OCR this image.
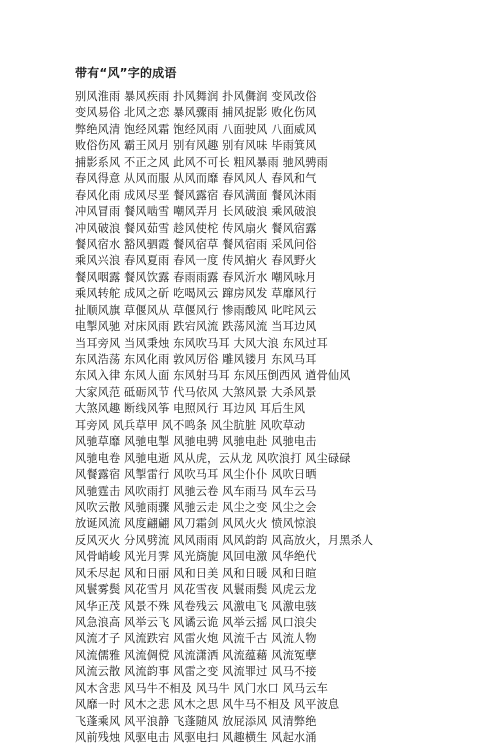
带有“风”字的成语
别风淮雨 暴风疾雨 扑风舞润 扑风儛润 变风改俗
变风易俗 北风之恋 暴风骤雨 捕风捉影 败化伤风
弊绝风清 饱经风霜 饱经风雨 八面驶风 八面威风
败俗伤风 霸王风月 别有风趣 别有风味 毕雨箕风
捕影系风 不正之风 此风不可长 粗风暴雨 驰风骋雨
春风得意 从风而服 从风而靡 春风风人 春风和气
春风化雨 成风尽垩 餐风露宿 春风满面 餐风沐雨
冲风冒雨 餐风啮雪 嘲风弄月 长风破浪 乘风破浪
冲风破浪 餐风茹雪 趁风使柁 传风扇火 餐风宿露
餐风宿水 豁风驷霞 餐风宿草 餐风宿雨 采风问俗
乘风兴浪 春风夏雨 春风一度 传风掮火 春风野火
餐风咽露 餐风饮露 春雨雨露 春风沂水 嘲风咏月
乘风转舵 成风之斫 吃喝风云 蹿房风发 草靡风行
扯顺风旗 草偃风从 草偃风行 惨雨酸风 叱咤风云
电掣风驰 对床风雨 跌宕风流 跌荡风流 当耳边风
当耳旁风 当风秉烛 东风吹马耳 大风大浪 东风过耳
东风浩荡 东风化雨 敦风厉俗 雕风镂月 东风马耳
东风入律 东风人面 东风射马耳 东风压倒西风 遒骨仙风
大家风范 砥砺风节 代马依风 大煞风景 大杀风景
大煞风趣 断线风筝 电照风行 耳边风 耳后生风
耳旁风 风兵草甲 风不鸣条 风尘肮脏 风吹草动
风驰草靡 风驰电掣 风驰电骋 风驰电赴 风驰电击
风驰电卷 风驰电逝 风从虎，云从龙 风吹浪打 风尘碌碌
风餐露宿 风掣雷行 风吹马耳 风尘仆仆 风吹日晒
风驰霆击 风吹雨打 风驰云卷 风车雨马 风车云马
风吹云散 风驰雨骤 风驰云走 风尘之变 风尘之会
放诞风流 风度翩翩 风刀霜剑 风风火火 愤风惊浪
反风灭火 分风劈流 风风雨雨 风风韵韵 风高放火，月黑杀人
风骨峭峻 风光月霁 风光旖旎 风回电激 风华绝代
风禾尽起 风和日丽 风和日美 风和日暖 风和日暄
风鬟雾鬓 风花雪月 风花雪夜 风鬟雨鬓 风虎云龙
风华正茂 风景不殊 风卷残云 风激电飞 风激电骇
风急浪高 风举云飞 风谲云诡 风举云摇 风口浪尖
风流才子 风流跌宕 风雷火炮 风流千古 风流人物
风流儒雅 风流倜傥 风流潇洒 风流蕴藉 风流冤孽
风流云散 风流韵事 风雷之变 风流罪过 风马不接
风木含悲 风马牛不相及 风马牛 风门水口 风马云车
风靡一时 风木之悲 风木之思 风牛马不相及 风平波息
飞蓬乘风 风平浪静 飞蓬随风 放屁添风 风清弊绝
风前残烛 风驱电击 风驱电扫 风趣横生 风起水涌
